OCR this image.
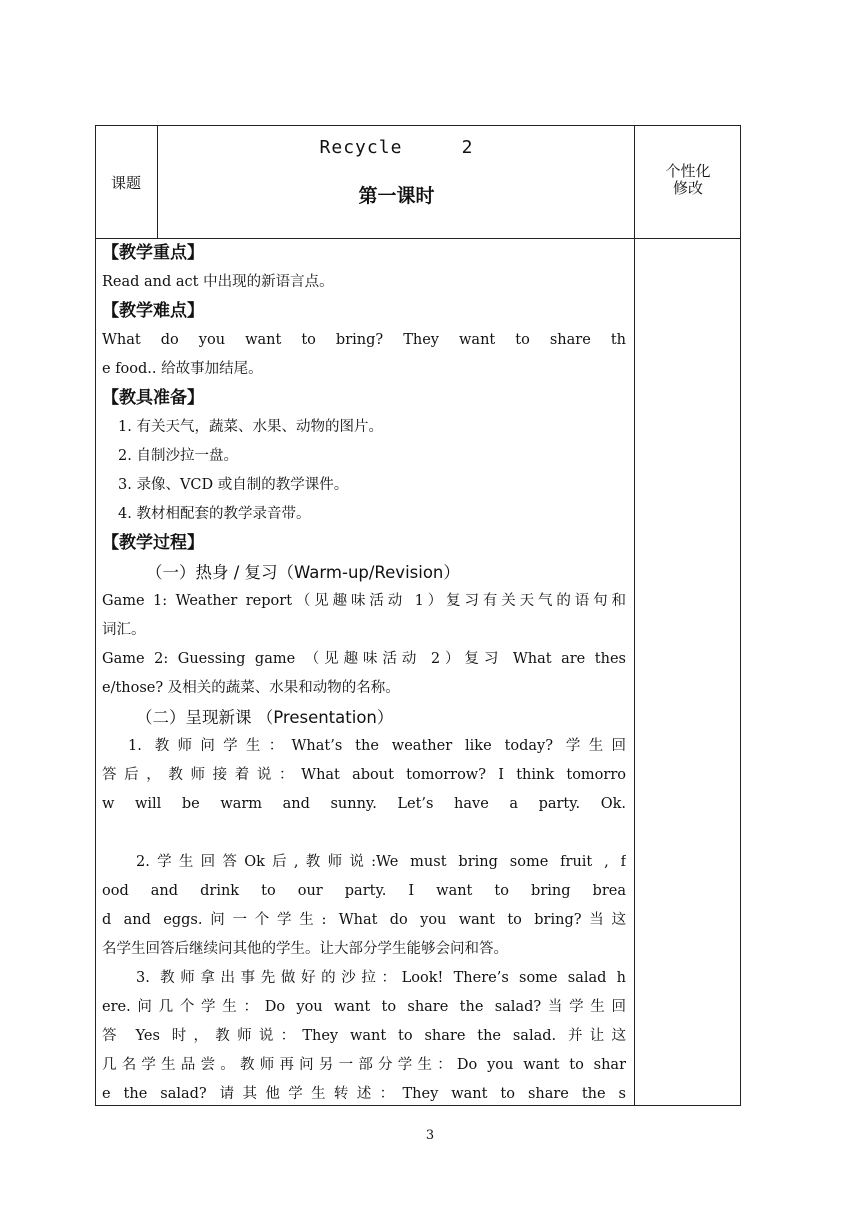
课题
Recycle     2
第一课时
个性化
修改
【教学重点】
Read and act 中出现的新语言点。
【教学难点】
What do you want to bring? They want to share th
e food.. 给故事加结尾。
【教具准备】
1. 有关天气，蔬菜、水果、动物的图片。
2. 自制沙拉一盘。
3. 录像、VCD 或自制的教学课件。
4. 教材相配套的教学录音带。
【教学过程】
（一）热身 / 复习（Warm-up/Revision）
Game 1: Weather report（见趣味活动 1）复习有关天气的语句和
词汇。
Game 2: Guessing game （见趣味活动 2）复习 What are thes
e/those? 及相关的蔬菜、水果和动物的名称。
（二）呈现新课 （Presentation）
1. 教师问学生：What’s the weather like today? 学生回
答后，教师接着说：What about tomorrow? I think tomorro
w will be warm and sunny. Let’s have a party. Ok.
2.学生回答Ok后,教师说:We must bring some fruit , f
ood and drink to our party. I want to bring brea
d and eggs.问一个学生: What do you want to bring?当这
名学生回答后继续问其他的学生。让大部分学生能够会问和答。
3. 教师拿出事先做好的沙拉：Look! There’s some salad h
ere.问几个学生：Do you want to share the salad?当学生回
答 Yes 时，教师说：They want to share the salad. 并让这
几名学生品尝。教师再问另一部分学生：Do you want to shar
e the salad? 请其他学生转述：They want to share the s
3
